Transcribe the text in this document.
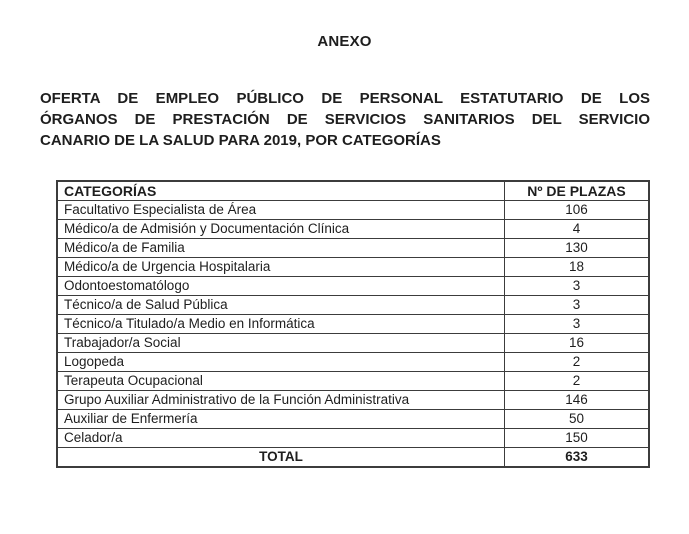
ANEXO
OFERTA DE EMPLEO PÚBLICO DE PERSONAL ESTATUTARIO DE LOS
ÓRGANOS DE PRESTACIÓN DE SERVICIOS SANITARIOS DEL SERVICIO
CANARIO DE LA SALUD PARA 2019, POR CATEGORÍAS
CATEGORÍAS	Nº DE PLAZAS
Facultativo Especialista de Área	106
Médico/a de Admisión y Documentación Clínica	4
Médico/a de Familia	130
Médico/a de Urgencia Hospitalaria	18
Odontoestomatólogo	3
Técnico/a de Salud Pública	3
Técnico/a Titulado/a Medio en Informática	3
Trabajador/a Social	16
Logopeda	2
Terapeuta Ocupacional	2
Grupo Auxiliar Administrativo de la Función Administrativa	146
Auxiliar de Enfermería	50
Celador/a	150
TOTAL	633
